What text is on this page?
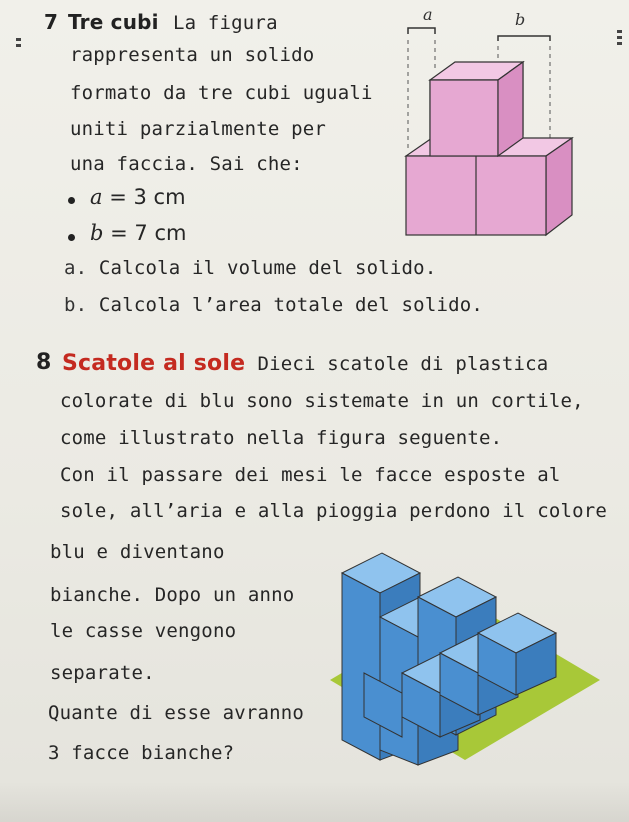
7 Tre cubi La figura
rappresenta un solido
formato da tre cubi uguali
uniti parzialmente per
una faccia. Sai che:
a = 3 cm
b = 7 cm
a. Calcola il volume del solido.
b. Calcola l’area totale del solido.
a	b
8 Scatole al sole Dieci scatole di plastica
colorate di blu sono sistemate in un cortile,
come illustrato nella figura seguente.
Con il passare dei mesi le facce esposte al
sole, all’aria e alla pioggia perdono il colore
blu e diventano
bianche. Dopo un anno
le casse vengono
separate.
Quante di esse avranno
3 facce bianche?
